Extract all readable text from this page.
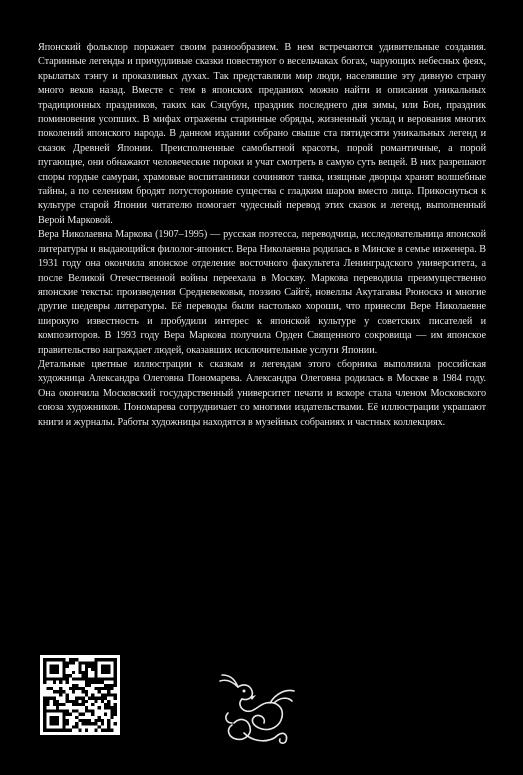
Японский фольклор поражает своим разнообразием. В нем встречаются удивительные создания. Старинные легенды и причудливые сказки повествуют о весельчаках богах, чарующих небесных феях, крылатых тэнгу и проказливых духах. Так представляли мир люди, населявшие эту дивную страну много веков назад. Вместе с тем в японских преданиях можно найти и описания уникальных традиционных праздников, таких как Сэцубун, праздник последнего дня зимы, или Бон, праздник поминовения усопших. В мифах отражены старинные обряды, жизненный уклад и верования многих поколений японского народа. В данном издании собрано свыше ста пятидесяти уникальных легенд и сказок Древней Японии. Преисполненные самобытной красоты, порой романтичные, а порой пугающие, они обнажают человеческие пороки и учат смотреть в самую суть вещей. В них разрешают споры гордые самураи, храмовые воспитанники сочиняют танка, изящные дворцы хранят волшебные тайны, а по селениям бродят потусторонние существа с гладким шаром вместо лица. Прикоснуться к культуре старой Японии читателю помогает чудесный перевод этих сказок и легенд, выполненный Верой Марковой.

Вера Николаевна Маркова (1907–1995) — русская поэтесса, переводчица, исследовательница японской литературы и выдающийся филолог-японист. Вера Николаевна родилась в Минске в семье инженера. В 1931 году она окончила японское отделение восточного факультета Ленинградского университета, а после Великой Отечественной войны переехала в Москву. Маркова переводила преимущественно японские тексты: произведения Средневековья, поэзию Сайгё, новеллы Акутагавы Рюноскэ и многие другие шедевры литературы. Её переводы были настолько хороши, что принесли Вере Николаевне широкую известность и пробудили интерес к японской культуре у советских писателей и композиторов. В 1993 году Вера Маркова получила Орден Священного сокровища — им японское правительство награждает людей, оказавших исключительные услуги Японии.

Детальные цветные иллюстрации к сказкам и легендам этого сборника выполнила российская художница Александра Олеговна Пономарева. Александра Олеговна родилась в Москве в 1984 году. Она окончила Московский государственный университет печати и вскоре стала членом Московского союза художников. Пономарева сотрудничает со многими издательствами. Её иллюстрации украшают книги и журналы. Работы художницы находятся в музейных собраниях и частных коллекциях.
